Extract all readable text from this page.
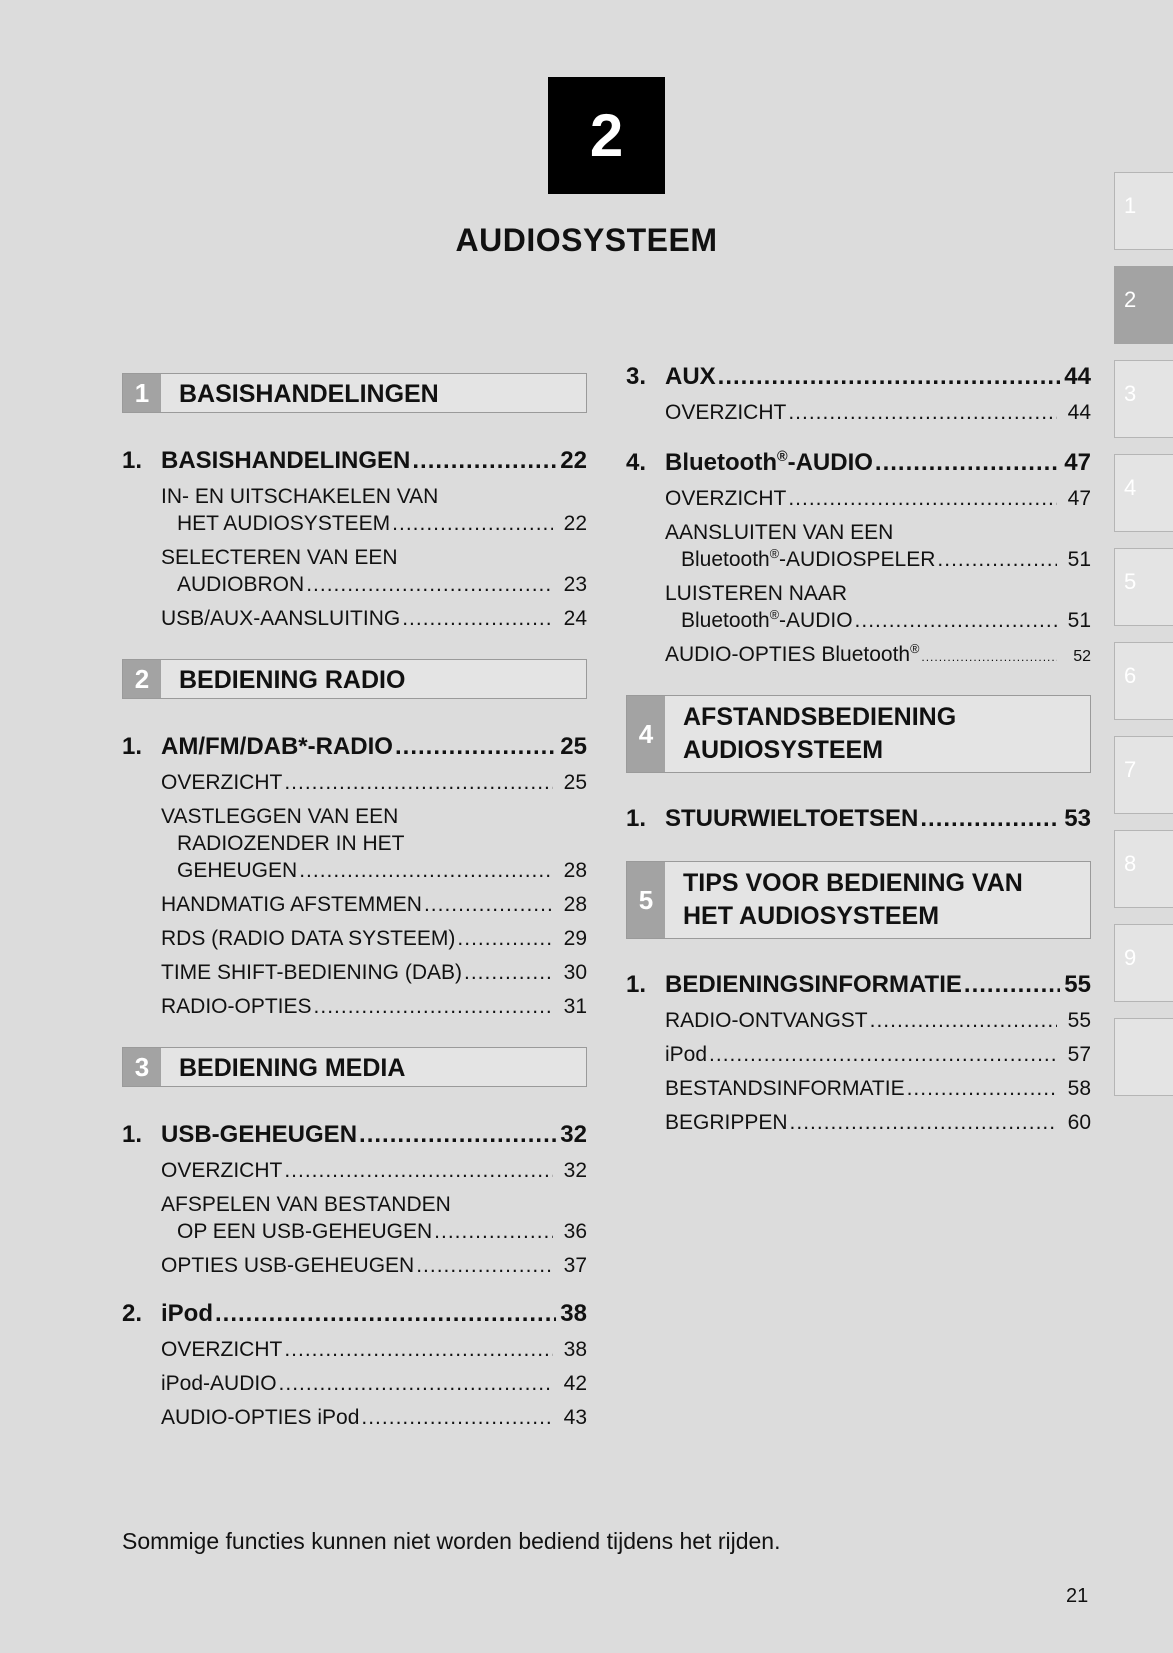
2
AUDIOSYSTEEM
1
2
3
4
5
6
7
8
9
1	BASISHANDELINGEN
1. BASISHANDELINGEN .....	22
IN- EN UITSCHAKELEN VAN
HET AUDIOSYSTEEM .....	22
SELECTEREN VAN EEN
AUDIOBRON .....	23
USB/AUX-AANSLUITING .....	24
2	BEDIENING RADIO
1. AM/FM/DAB*-RADIO .....	25
OVERZICHT .....	25
VASTLEGGEN VAN EEN
RADIOZENDER IN HET
GEHEUGEN .....	28
HANDMATIG AFSTEMMEN .....	28
RDS (RADIO DATA SYSTEEM) .....	29
TIME SHIFT-BEDIENING (DAB) .....	30
RADIO-OPTIES .....	31
3	BEDIENING MEDIA
1. USB-GEHEUGEN .....	32
OVERZICHT .....	32
AFSPELEN VAN BESTANDEN
OP EEN USB-GEHEUGEN .....	36
OPTIES USB-GEHEUGEN .....	37
2. iPod .....	38
OVERZICHT .....	38
iPod-AUDIO .....	42
AUDIO-OPTIES iPod .....	43
3. AUX .....	44
OVERZICHT .....	44
4. Bluetooth®-AUDIO .....	47
OVERZICHT .....	47
AANSLUITEN VAN EEN
Bluetooth®-AUDIOSPELER .....	51
LUISTEREN NAAR
Bluetooth®-AUDIO .....	51
AUDIO-OPTIES Bluetooth® .....	52
4
AFSTANDSBEDIENING
AUDIOSYSTEEM
1. STUURWIELTOETSEN .....	53
5
TIPS VOOR BEDIENING VAN
HET AUDIOSYSTEEM
1. BEDIENINGSINFORMATIE .....	55
RADIO-ONTVANGST .....	55
iPod .....	57
BESTANDSINFORMATIE .....	58
BEGRIPPEN .....	60
Sommige functies kunnen niet worden bediend tijdens het rijden.
21
